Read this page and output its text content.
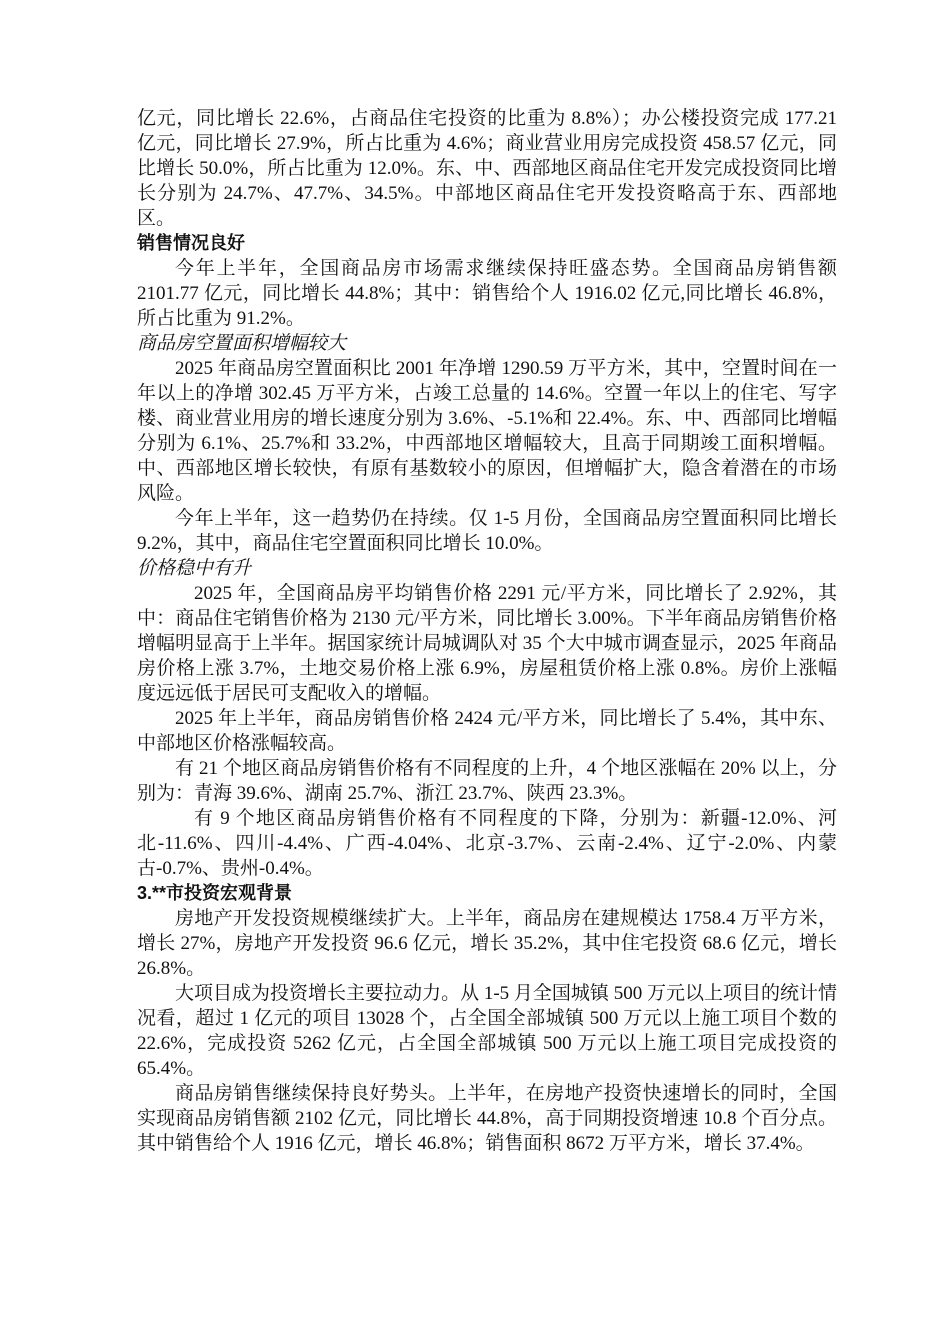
亿元，同比增长 22.6%，占商品住宅投资的比重为 8.8%）；办公楼投资完成 177.21 亿元，同比增长 27.9%，所占比重为 4.6%；商业营业用房完成投资 458.57 亿元，同比增长 50.0%，所占比重为 12.0%。东、中、西部地区商品住宅开发完成投资同比增长分别为 24.7%、47.7%、34.5%。中部地区商品住宅开发投资略高于东、西部地区。

销售情况良好

今年上半年，全国商品房市场需求继续保持旺盛态势。全国商品房销售额 2101.77 亿元，同比增长 44.8%；其中：销售给个人 1916.02 亿元,同比增长 46.8%，所占比重为 91.2%。

商品房空置面积增幅较大

2025 年商品房空置面积比 2001 年净增 1290.59 万平方米，其中，空置时间在一年以上的净增 302.45 万平方米，占竣工总量的 14.6%。空置一年以上的住宅、写字楼、商业营业用房的增长速度分别为 3.6%、-5.1%和 22.4%。东、中、西部同比增幅分别为 6.1%、25.7%和 33.2%，中西部地区增幅较大，且高于同期竣工面积增幅。中、西部地区增长较快，有原有基数较小的原因，但增幅扩大，隐含着潜在的市场风险。

今年上半年，这一趋势仍在持续。仅 1-5 月份，全国商品房空置面积同比增长 9.2%，其中，商品住宅空置面积同比增长 10.0%。

价格稳中有升

2025 年，全国商品房平均销售价格 2291 元/平方米，同比增长了 2.92%，其中：商品住宅销售价格为 2130 元/平方米，同比增长 3.00%。下半年商品房销售价格增幅明显高于上半年。据国家统计局城调队对 35 个大中城市调查显示，2025 年商品房价格上涨 3.7%，土地交易价格上涨 6.9%，房屋租赁价格上涨 0.8%。房价上涨幅度远远低于居民可支配收入的增幅。

2025 年上半年，商品房销售价格 2424 元/平方米，同比增长了 5.4%，其中东、中部地区价格涨幅较高。

有 21 个地区商品房销售价格有不同程度的上升，4 个地区涨幅在 20% 以上，分别为：青海 39.6%、湖南 25.7%、浙江 23.7%、陕西 23.3%。

有 9 个地区商品房销售价格有不同程度的下降，分别为：新疆-12.0%、河北-11.6%、四川-4.4%、广西-4.04%、北京-3.7%、云南-2.4%、辽宁-2.0%、内蒙古-0.7%、贵州-0.4%。

3.**市投资宏观背景

房地产开发投资规模继续扩大。上半年，商品房在建规模达 1758.4 万平方米，增长 27%，房地产开发投资 96.6 亿元，增长 35.2%，其中住宅投资 68.6 亿元，增长 26.8%。

大项目成为投资增长主要拉动力。从 1-5 月全国城镇 500 万元以上项目的统计情况看，超过 1 亿元的项目 13028 个，占全国全部城镇 500 万元以上施工项目个数的 22.6%，完成投资 5262 亿元，占全国全部城镇 500 万元以上施工项目完成投资的 65.4%。

商品房销售继续保持良好势头。上半年，在房地产投资快速增长的同时，全国实现商品房销售额 2102 亿元，同比增长 44.8%，高于同期投资增速 10.8 个百分点。其中销售给个人 1916 亿元，增长 46.8%；销售面积 8672 万平方米，增长 37.4%。
